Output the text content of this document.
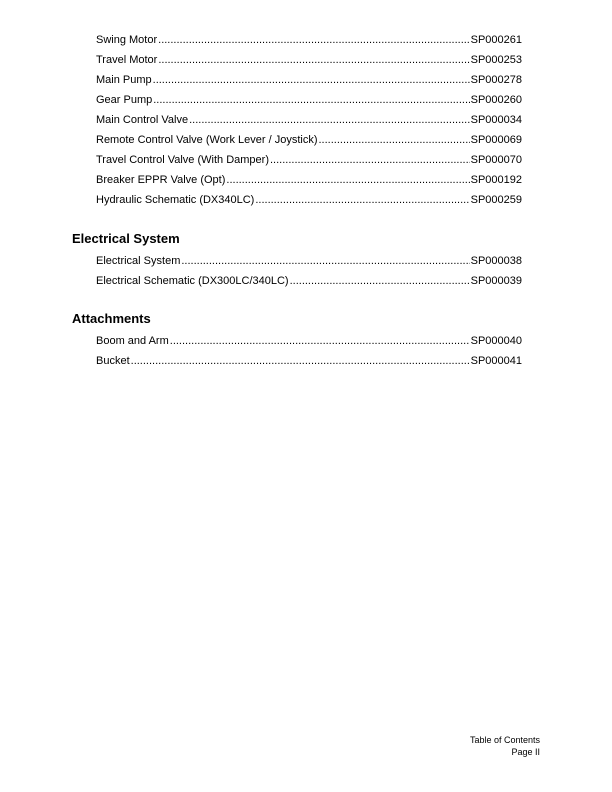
Swing Motor .....	SP000261
Travel Motor .....	SP000253
Main Pump .....	SP000278
Gear Pump .....	SP000260
Main Control Valve .....	SP000034
Remote Control Valve (Work Lever / Joystick) .....	SP000069
Travel Control Valve (With Damper) .....	SP000070
Breaker EPPR Valve (Opt) .....	SP000192
Hydraulic Schematic (DX340LC) .....	SP000259
Electrical System
Electrical System .....	SP000038
Electrical Schematic (DX300LC/340LC) .....	SP000039
Attachments
Boom and Arm .....	SP000040
Bucket .....	SP000041
Table of Contents
Page II
